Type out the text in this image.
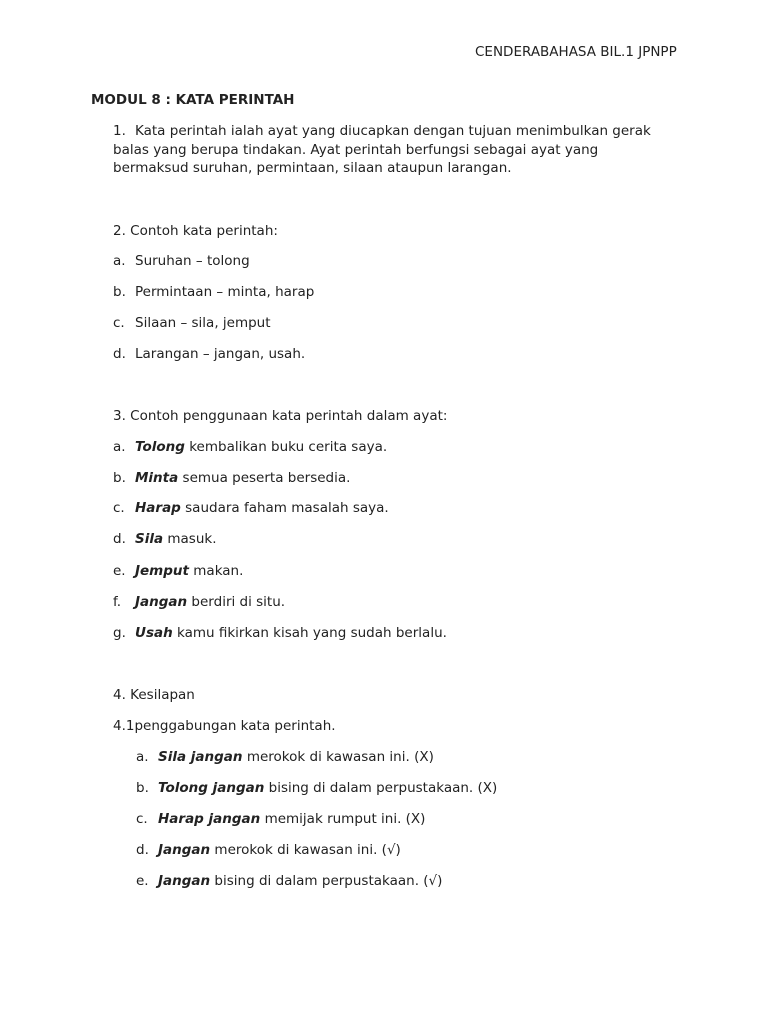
CENDERABAHASA BIL.1 JPNPP
MODUL 8 : KATA PERINTAH
1. Kata perintah ialah ayat yang diucapkan dengan tujuan menimbulkan gerak
balas yang berupa tindakan. Ayat perintah berfungsi sebagai ayat yang
bermaksud suruhan, permintaan, silaan ataupun larangan.
2. Contoh kata perintah:
a. Suruhan – tolong
b. Permintaan – minta, harap
c. Silaan – sila, jemput
d. Larangan – jangan, usah.
3. Contoh penggunaan kata perintah dalam ayat:
a. Tolong kembalikan buku cerita saya.
b. Minta semua peserta bersedia.
c. Harap saudara faham masalah saya.
d. Sila masuk.
e. Jemput makan.
f. Jangan berdiri di situ.
g. Usah kamu fikirkan kisah yang sudah berlalu.
4. Kesilapan
4.1penggabungan kata perintah.
a. Sila jangan merokok di kawasan ini. (X)
b. Tolong jangan bising di dalam perpustakaan. (X)
c. Harap jangan memijak rumput ini. (X)
d. Jangan merokok di kawasan ini. (√)
e. Jangan bising di dalam perpustakaan. (√)
